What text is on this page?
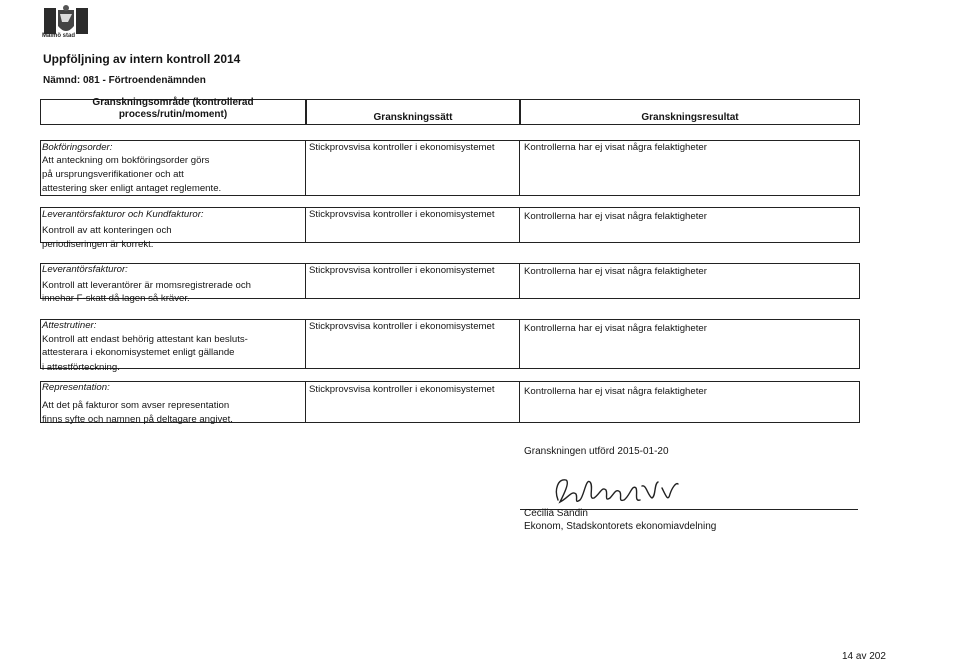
Malmö stad
Uppföljning av intern kontroll 2014
Nämnd: 081 - Förtroendenämnden
Granskningsområde (kontrollerad
process/rutin/moment)	Granskningssätt	Granskningsresultat
Bokföringsorder:
Att anteckning om bokföringsorder görs
på ursprungsverifikationer och att
attestering sker enligt antaget reglemente.
Stickprovsvisa kontroller i ekonomisystemet	Kontrollerna har ej visat några felaktigheter
Leverantörsfakturor och Kundfakturor:
Kontroll av att konteringen och
periodiseringen är korrekt.
Stickprovsvisa kontroller i ekonomisystemet	Kontrollerna har ej visat några felaktigheter
Leverantörsfakturor:
Kontroll att leverantörer är momsregistrerade och
innehar F-skatt då lagen så kräver.
Stickprovsvisa kontroller i ekonomisystemet	Kontrollerna har ej visat några felaktigheter
Attestrutiner:
Kontroll att endast behörig attestant kan besluts-
attesterara i ekonomisystemet enligt gällande
i attestförteckning.
Stickprovsvisa kontroller i ekonomisystemet	Kontrollerna har ej visat några felaktigheter
Representation:
Att det på fakturor som avser representation
finns syfte och namnen på deltagare angivet.
Stickprovsvisa kontroller i ekonomisystemet	Kontrollerna har ej visat några felaktigheter
Granskningen utförd 2015-01-20
Cecilia Sandin
Ekonom, Stadskontorets ekonomiavdelning
14 av 202
